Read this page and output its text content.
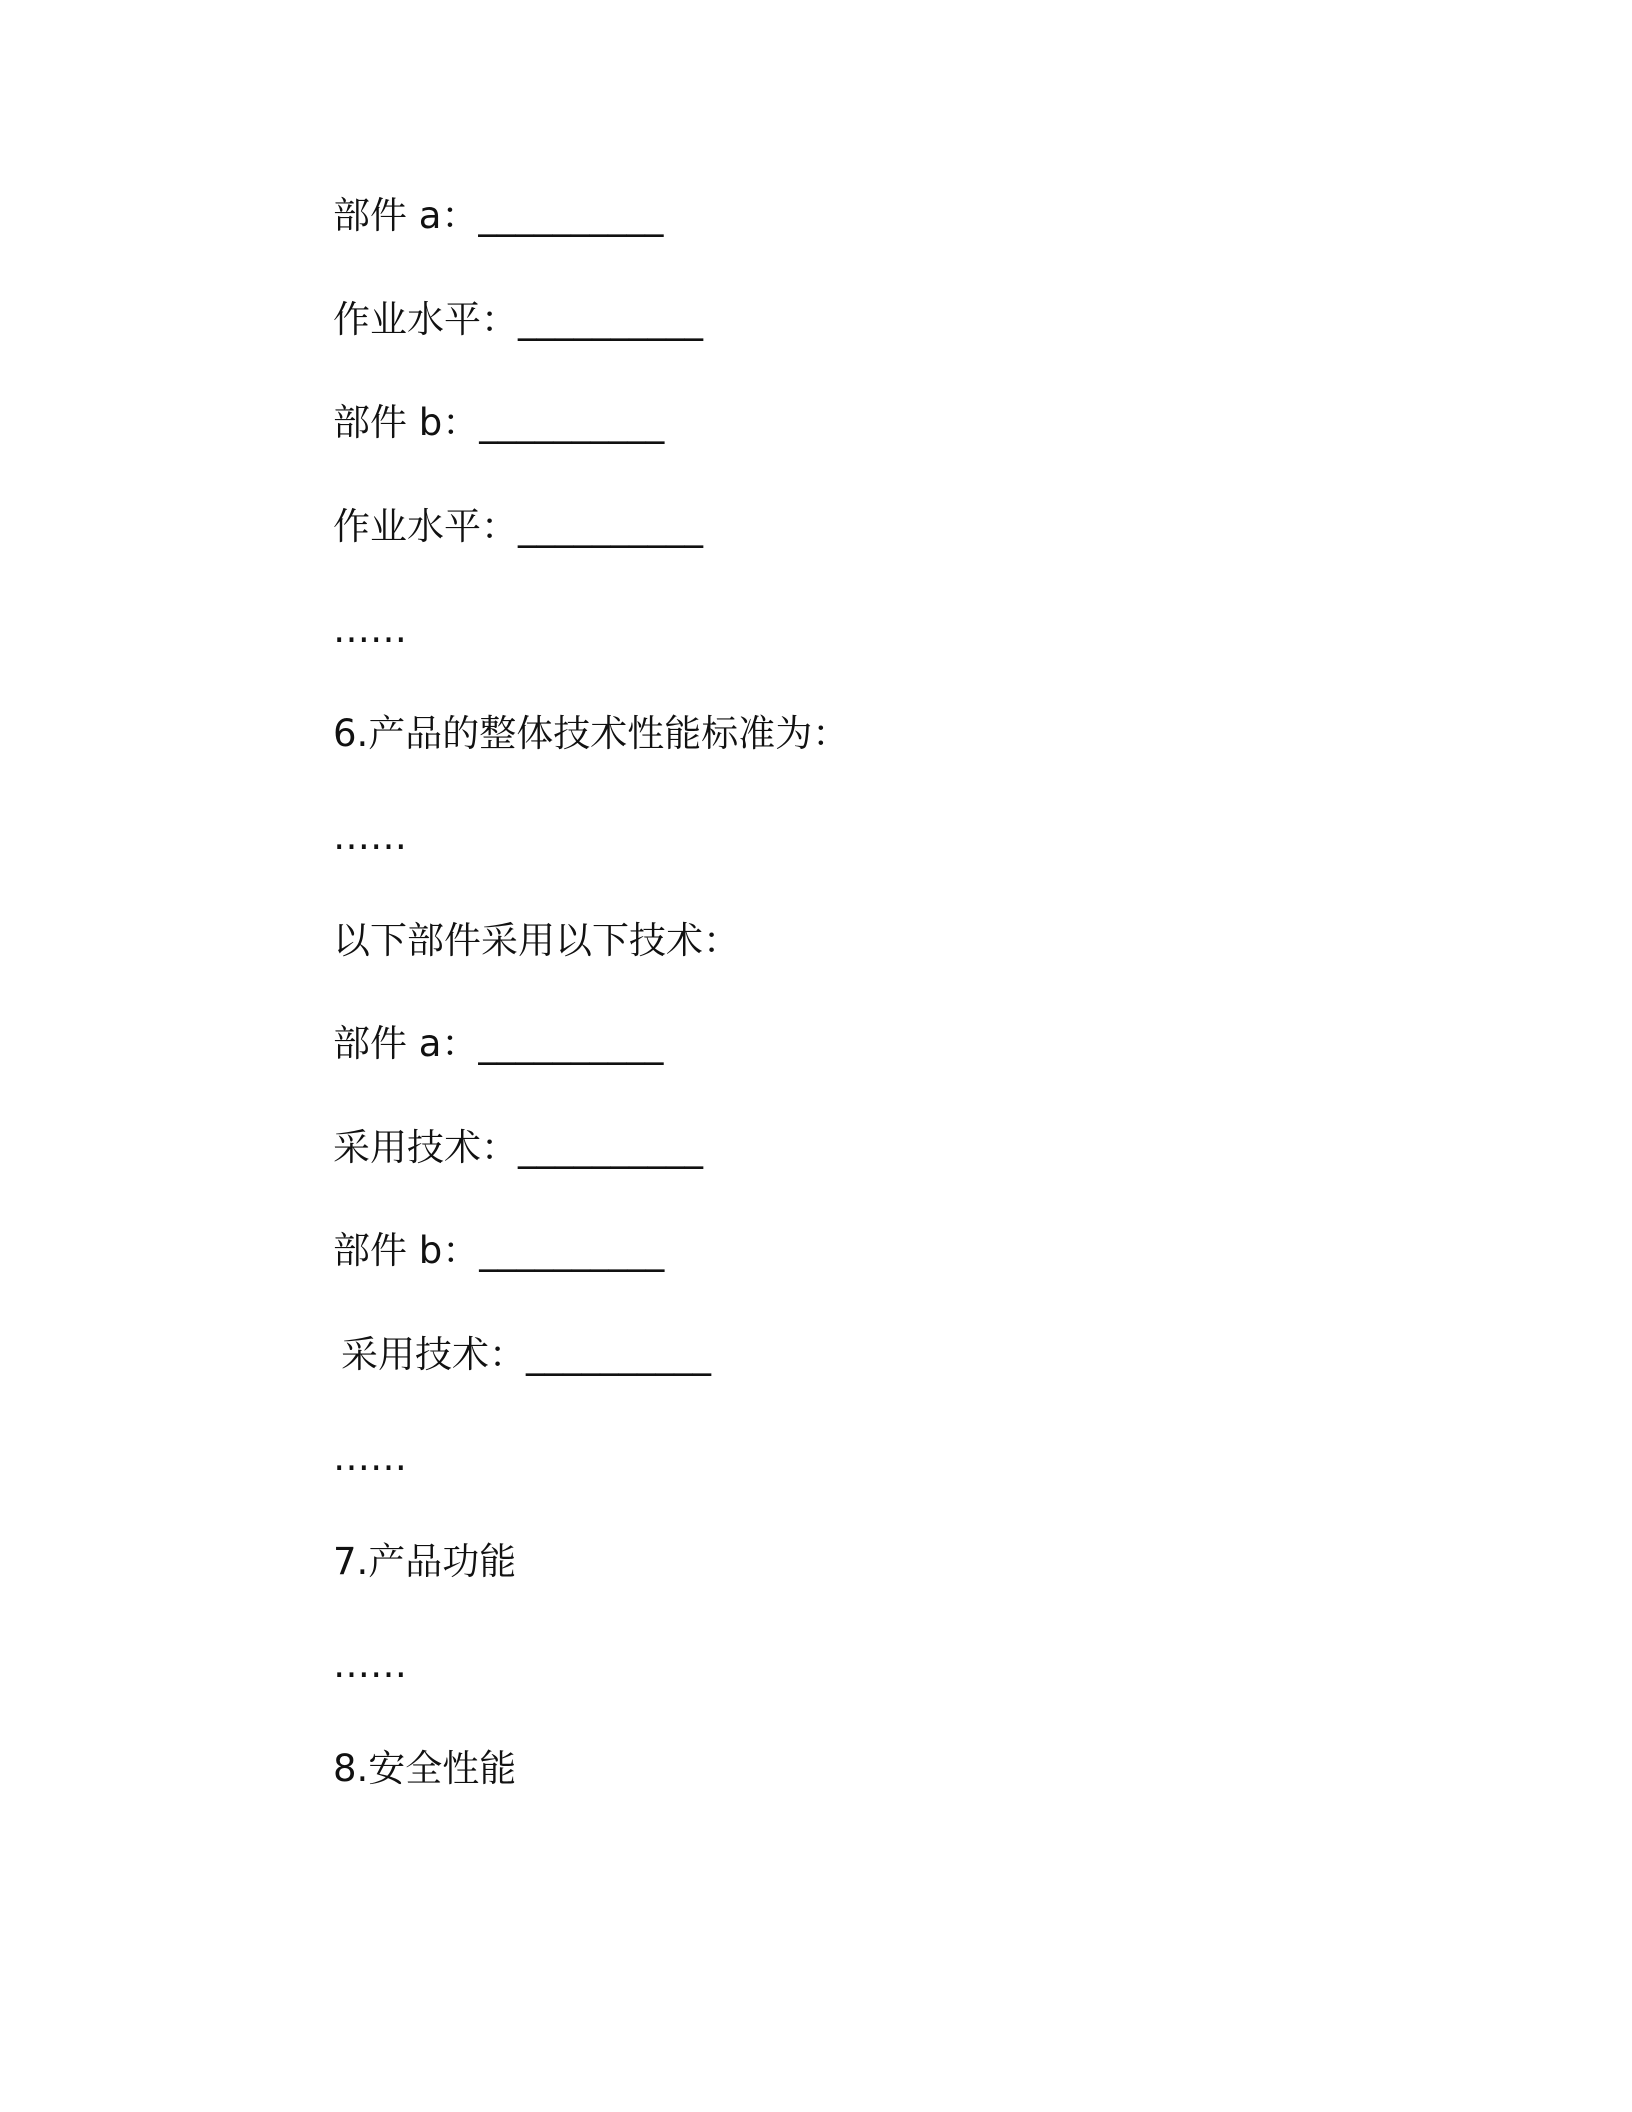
部件 a：__________

作业水平：__________

部件 b：__________

作业水平：__________

……

6.产品的整体技术性能标准为：

……

以下部件采用以下技术：

部件 a：__________

采用技术：__________

部件 b：__________

采用技术：__________

……

7.产品功能

……

8.安全性能
